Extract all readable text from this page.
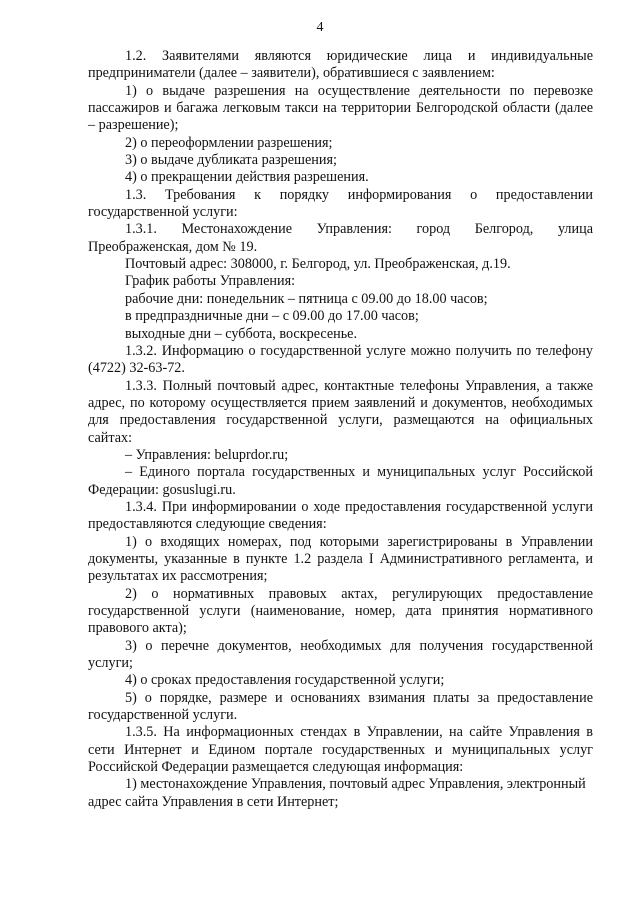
4

1.2. Заявителями являются юридические лица и индивидуальные предприниматели (далее – заявители), обратившиеся с заявлением:

1) о выдаче разрешения на осуществление деятельности по перевозке пассажиров и багажа легковым такси на территории Белгородской области (далее – разрешение);

2) о переоформлении разрешения;

3) о выдаче дубликата разрешения;

4) о прекращении действия разрешения.

1.3. Требования к порядку информирования о предоставлении государственной услуги:

1.3.1. Местонахождение Управления: город Белгород, улица Преображенская, дом № 19.

Почтовый адрес: 308000, г. Белгород, ул. Преображенская, д.19.

График работы Управления:

рабочие дни: понедельник – пятница с 09.00 до 18.00 часов;

в предпраздничные дни – с 09.00 до 17.00 часов;

выходные дни – суббота, воскресенье.

1.3.2. Информацию о государственной услуге можно получить по телефону (4722) 32-63-72.

1.3.3. Полный почтовый адрес, контактные телефоны Управления, а также адрес, по которому осуществляется прием заявлений и документов, необходимых для предоставления государственной услуги, размещаются на официальных сайтах:

– Управления: beluprdor.ru;

– Единого портала государственных и муниципальных услуг Российской Федерации: gosuslugi.ru.

1.3.4. При информировании о ходе предоставления государственной услуги предоставляются следующие сведения:

1) о входящих номерах, под которыми зарегистрированы в Управлении документы, указанные в пункте 1.2 раздела I Административного регламента, и результатах их рассмотрения;

2) о нормативных правовых актах, регулирующих предоставление государственной услуги (наименование, номер, дата принятия нормативного правового акта);

3) о перечне документов, необходимых для получения государственной услуги;

4) о сроках предоставления государственной услуги;

5) о порядке, размере и основаниях взимания платы за предоставление государственной услуги.

1.3.5. На информационных стендах в Управлении, на сайте Управления в сети Интернет и Едином портале государственных и муниципальных услуг Российской Федерации размещается следующая информация:

1) местонахождение Управления, почтовый адрес Управления, электронный адрес сайта Управления в сети Интернет;
